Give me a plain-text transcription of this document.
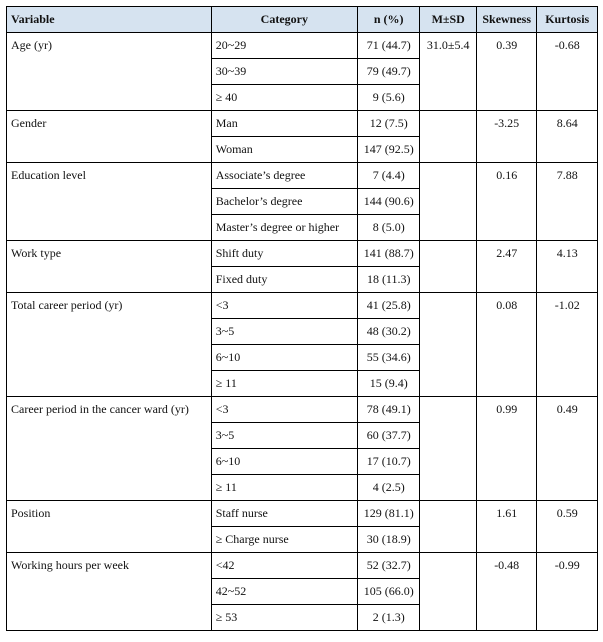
Variable	Category	n (%)	M±SD	Skewness	Kurtosis
Age (yr)	20~29	71 (44.7)	31.0±5.4	0.39	-0.68
	30~39	79 (49.7)			
	≥ 40	9 (5.6)			
Gender	Man	12 (7.5)		-3.25	8.64
	Woman	147 (92.5)			
Education level	Associate’s degree	7 (4.4)		0.16	7.88
	Bachelor’s degree	144 (90.6)			
	Master’s degree or higher	8 (5.0)			
Work type	Shift duty	141 (88.7)		2.47	4.13
	Fixed duty	18 (11.3)			
Total career period (yr)	<3	41 (25.8)		0.08	-1.02
	3~5	48 (30.2)			
	6~10	55 (34.6)			
	≥ 11	15 (9.4)			
Career period in the cancer ward (yr)	<3	78 (49.1)		0.99	0.49
	3~5	60 (37.7)			
	6~10	17 (10.7)			
	≥ 11	4 (2.5)			
Position	Staff nurse	129 (81.1)		1.61	0.59
	≥ Charge nurse	30 (18.9)			
Working hours per week	<42	52 (32.7)		-0.48	-0.99
	42~52	105 (66.0)			
	≥ 53	2 (1.3)			
